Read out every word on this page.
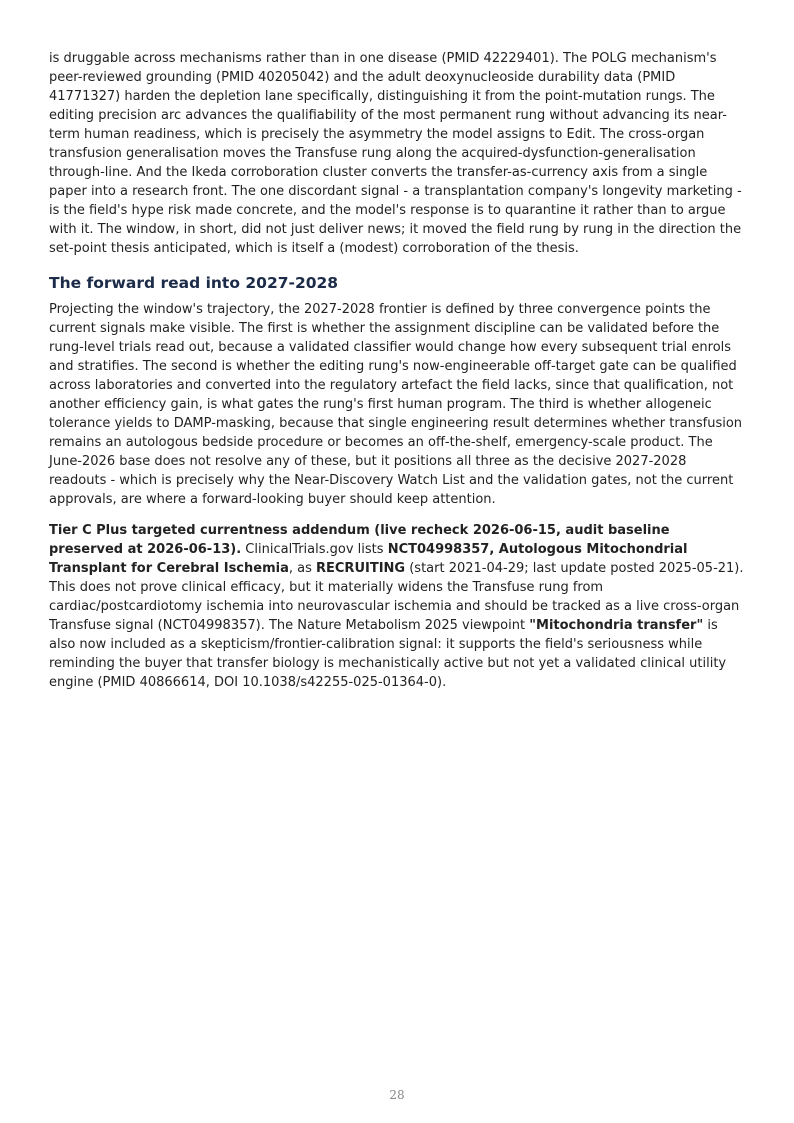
is druggable across mechanisms rather than in one disease (PMID 42229401). The POLG mechanism's peer-reviewed grounding (PMID 40205042) and the adult deoxynucleoside durability data (PMID 41771327) harden the depletion lane specifically, distinguishing it from the point-mutation rungs. The editing precision arc advances the qualifiability of the most permanent rung without advancing its near-term human readiness, which is precisely the asymmetry the model assigns to Edit. The cross-organ transfusion generalisation moves the Transfuse rung along the acquired-dysfunction-generalisation through-line. And the Ikeda corroboration cluster converts the transfer-as-currency axis from a single paper into a research front. The one discordant signal - a transplantation company's longevity marketing - is the field's hype risk made concrete, and the model's response is to quarantine it rather than to argue with it. The window, in short, did not just deliver news; it moved the field rung by rung in the direction the set-point thesis anticipated, which is itself a (modest) corroboration of the thesis.

The forward read into 2027-2028

Projecting the window's trajectory, the 2027-2028 frontier is defined by three convergence points the current signals make visible. The first is whether the assignment discipline can be validated before the rung-level trials read out, because a validated classifier would change how every subsequent trial enrols and stratifies. The second is whether the editing rung's now-engineerable off-target gate can be qualified across laboratories and converted into the regulatory artefact the field lacks, since that qualification, not another efficiency gain, is what gates the rung's first human program. The third is whether allogeneic tolerance yields to DAMP-masking, because that single engineering result determines whether transfusion remains an autologous bedside procedure or becomes an off-the-shelf, emergency-scale product. The June-2026 base does not resolve any of these, but it positions all three as the decisive 2027-2028 readouts - which is precisely why the Near-Discovery Watch List and the validation gates, not the current approvals, are where a forward-looking buyer should keep attention.

Tier C Plus targeted currentness addendum (live recheck 2026-06-15, audit baseline preserved at 2026-06-13). ClinicalTrials.gov lists NCT04998357, Autologous Mitochondrial Transplant for Cerebral Ischemia, as RECRUITING (start 2021-04-29; last update posted 2025-05-21). This does not prove clinical efficacy, but it materially widens the Transfuse rung from cardiac/postcardiotomy ischemia into neurovascular ischemia and should be tracked as a live cross-organ Transfuse signal (NCT04998357). The Nature Metabolism 2025 viewpoint "Mitochondria transfer" is also now included as a skepticism/frontier-calibration signal: it supports the field's seriousness while reminding the buyer that transfer biology is mechanistically active but not yet a validated clinical utility engine (PMID 40866614, DOI 10.1038/s42255-025-01364-0).

28
